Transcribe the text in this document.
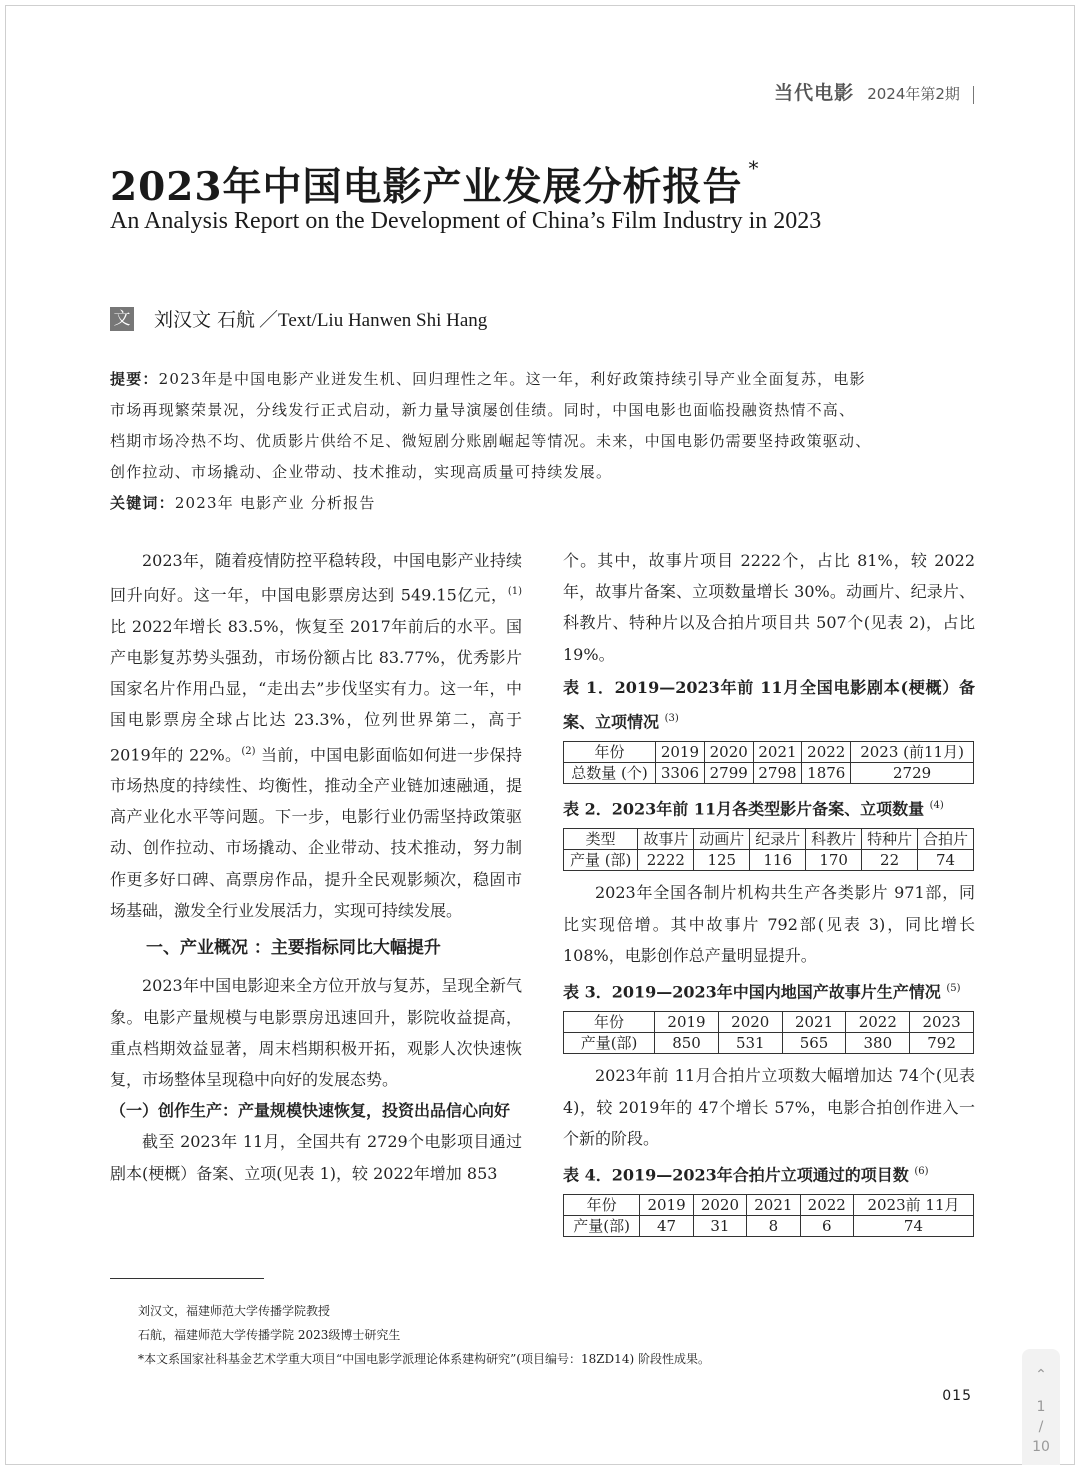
当代电影 2024年第2期
2023年中国电影产业发展分析报告 *
An Analysis Report on the Development of China’s Film Industry in 2023
文 刘汉文 石航 ／Text/Liu Hanwen Shi Hang
提要：2023年是中国电影产业迸发生机、回归理性之年。这一年，利好政策持续引导产业全面复苏，电影
市场再现繁荣景况，分线发行正式启动，新力量导演屡创佳绩。同时，中国电影也面临投融资热情不高、
档期市场冷热不均、优质影片供给不足、微短剧分账剧崛起等情况。未来，中国电影仍需要坚持政策驱动、
创作拉动、市场撬动、企业带动、技术推动，实现高质量可持续发展。
关键词：2023年 电影产业 分析报告

2023年，随着疫情防控平稳转段，中国电影产业持续回升向好。这一年，中国电影票房达到 549.15亿元，$^{(1)}$ 比 2022年增长 83.5%，恢复至 2017年前后的水平。国产电影复苏势头强劲，市场份额占比 83.77%，优秀影片国家名片作用凸显，“走出去”步伐坚实有力。这一年，中国电影票房全球占比达 23.3%，位列世界第二，高于 2019年的 22%。$^{(2)}$ 当前，中国电影面临如何进一步保持市场热度的持续性、均衡性，推动全产业链加速融通，提高产业化水平等问题。下一步，电影行业仍需坚持政策驱动、创作拉动、市场撬动、企业带动、技术推动，努力制作更多好口碑、高票房作品，提升全民观影频次，稳固市场基础，激发全行业发展活力，实现可持续发展。

一、产业概况 ：主要指标同比大幅提升

2023年中国电影迎来全方位开放与复苏，呈现全新气象。电影产量规模与电影票房迅速回升，影院收益提高，重点档期效益显著，周末档期积极开拓，观影人次快速恢复，市场整体呈现稳中向好的发展态势。

（一）创作生产：产量规模快速恢复，投资出品信心向好

截至 2023年 11月，全国共有 2729个电影项目通过剧本(梗概）备案、立项(见表 1)，较 2022年增加 853

个。其中，故事片项目 2222个，占比 81%，较 2022年，故事片备案、立项数量增长 30%。动画片、纪录片、科教片、特种片以及合拍片项目共 507个(见表 2)，占比 19%。

表 1．2019—2023年前 11月全国电影剧本(梗概）备案、立项情况 $^{(3)}$
年份	2019	2020	2021	2022	2023 (前11月)
总数量 (个)	3306	2799	2798	1876	2729
表 2．2023年前 11月各类型影片备案、立项数量 $^{(4)}$
类型	故事片	动画片	纪录片	科教片	特种片	合拍片
产量 (部)	2222	125	116	170	22	74

2023年全国各制片机构共生产各类影片 971部，同比实现倍增。其中故事片 792部(见表 3)，同比增长 108%，电影创作总产量明显提升。

表 3．2019—2023年中国内地国产故事片生产情况 $^{(5)}$
年份	2019	2020	2021	2022	2023
产量(部)	850	531	565	380	792

2023年前 11月合拍片立项数大幅增加达 74个(见表 4)，较 2019年的 47个增长 57%，电影合拍创作进入一个新的阶段。

表 4．2019—2023年合拍片立项通过的项目数 $^{(6)}$
年份	2019	2020	2021	2022	2023前 11月
产量(部)	47	31	8	6	74
刘汉文，福建师范大学传播学院教授
石航，福建师范大学传播学院 2023级博士研究生
*本文系国家社科基金艺术学重大项目“中国电影学派理论体系建构研究”(项目编号：18ZD14) 阶段性成果。
015
⌃
1
/
10
